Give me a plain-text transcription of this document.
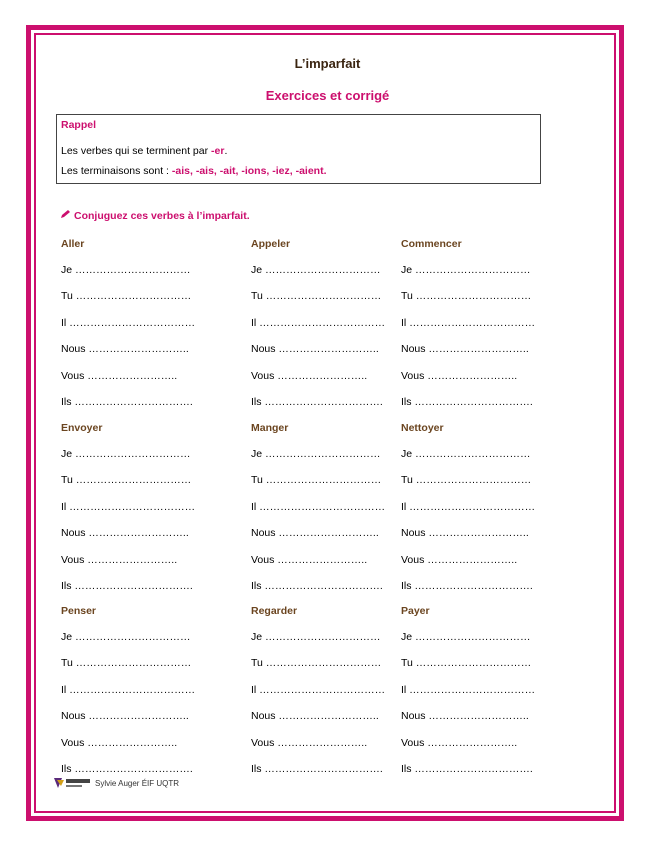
L’imparfait
Exercices et corrigé
Rappel
Les verbes qui se terminent par -er.
Les terminaisons sont : -ais, -ais, -ait, -ions, -iez, -aient.
Conjuguez ces verbes à l’imparfait.
Aller
Je ……………………………
Tu ……………………………
Il ………………………………
Nous ………………………..
Vous ……………………..
Ils …………………………….
Appeler
Je ……………………………
Tu ……………………………
Il ………………………………
Nous ………………………..
Vous ……………………..
Ils …………………………….
Commencer
Je ……………………………
Tu ……………………………
Il ………………………………
Nous ………………………..
Vous ……………………..
Ils …………………………….
Envoyer
Je ……………………………
Tu ……………………………
Il ………………………………
Nous ………………………..
Vous ……………………..
Ils …………………………….
Manger
Je ……………………………
Tu ……………………………
Il ………………………………
Nous ………………………..
Vous ……………………..
Ils …………………………….
Nettoyer
Je ……………………………
Tu ……………………………
Il ………………………………
Nous ………………………..
Vous ……………………..
Ils …………………………….
Penser
Je ……………………………
Tu ……………………………
Il ………………………………
Nous ………………………..
Vous ……………………..
Ils …………………………….
Regarder
Je ……………………………
Tu ……………………………
Il ………………………………
Nous ………………………..
Vous ……………………..
Ils …………………………….
Payer
Je ……………………………
Tu ……………………………
Il ………………………………
Nous ………………………..
Vous ……………………..
Ils …………………………….
Sylvie Auger ÉIF UQTR
